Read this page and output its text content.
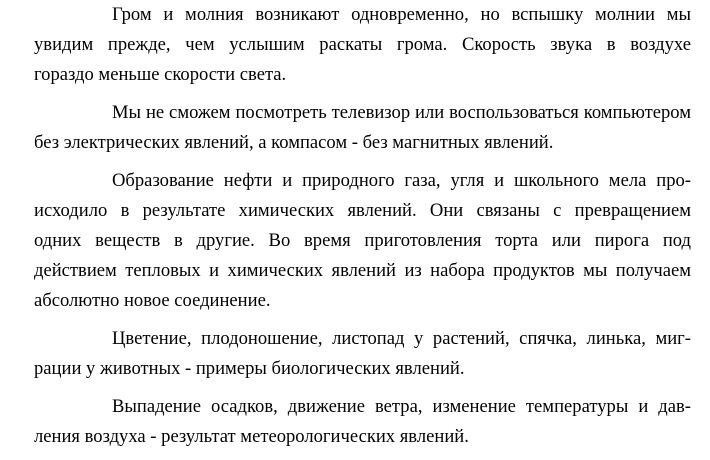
Гром и молния возникают одновременно, но вспышку молнии мы
увидим прежде, чем услышим раскаты грома. Скорость звука в воздухе
гораздо меньше скорости света.
Мы не сможем посмотреть телевизор или воспользоваться компьютером
без электрических явлений, а компасом - без магнитных явлений.
Образование нефти и природного газа, угля и школьного мела про-
исходило в результате химических явлений. Они связаны с превращением
одних веществ в другие. Во время приготовления торта или пирога под
действием тепловых и химических явлений из набора продуктов мы получаем
абсолютно новое соединение.
Цветение, плодоношение, листопад у растений, спячка, линька, миг-
рации у животных - примеры биологических явлений.
Выпадение осадков, движение ветра, изменение температуры и дав-
ления воздуха - результат метеорологических явлений.
